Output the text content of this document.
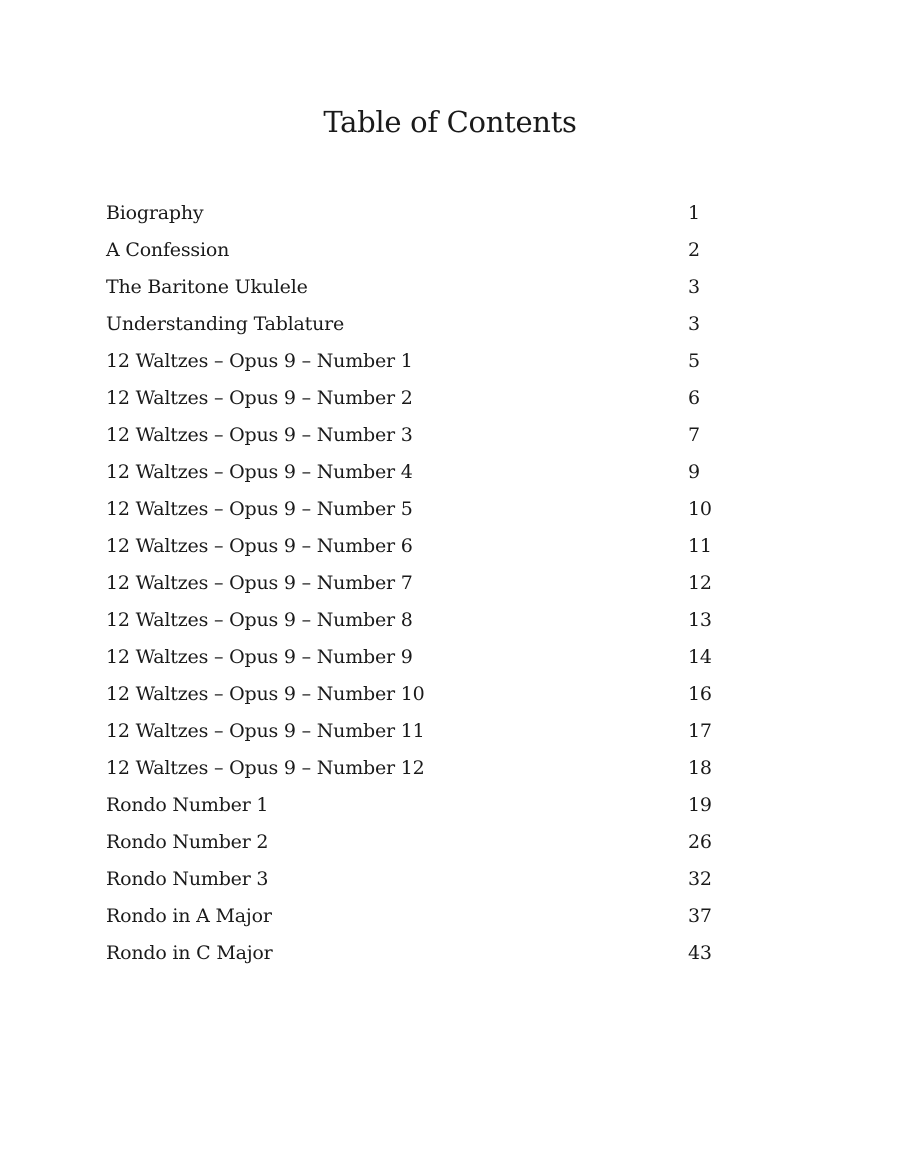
Table of Contents
Biography	1
A Confession	2
The Baritone Ukulele	3
Understanding Tablature	3
12 Waltzes – Opus 9 – Number 1	5
12 Waltzes – Opus 9 – Number 2	6
12 Waltzes – Opus 9 – Number 3	7
12 Waltzes – Opus 9 – Number 4	9
12 Waltzes – Opus 9 – Number 5	10
12 Waltzes – Opus 9 – Number 6	11
12 Waltzes – Opus 9 – Number 7	12
12 Waltzes – Opus 9 – Number 8	13
12 Waltzes – Opus 9 – Number 9	14
12 Waltzes – Opus 9 – Number 10	16
12 Waltzes – Opus 9 – Number 11	17
12 Waltzes – Opus 9 – Number 12	18
Rondo Number 1	19
Rondo Number 2	26
Rondo Number 3	32
Rondo in A Major	37
Rondo in C Major	43
